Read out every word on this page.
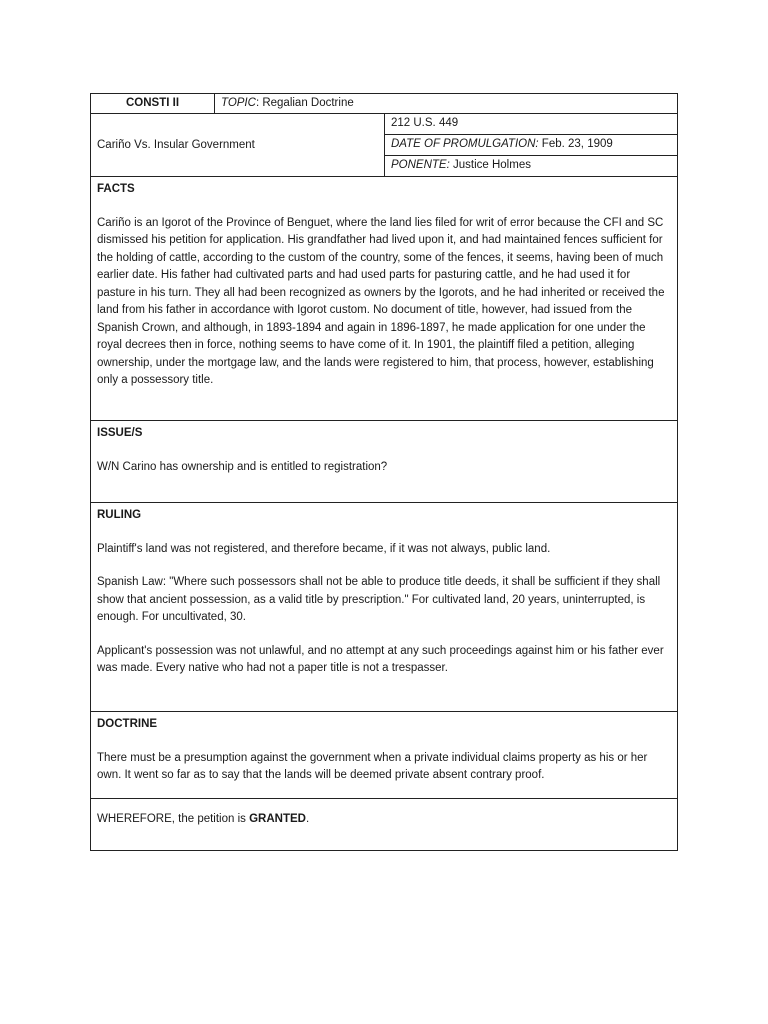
CONSTI II	TOPIC: Regalian Doctrine	
Cariño Vs. Insular Government		212 U.S. 449
		DATE OF PROMULGATION: Feb. 23, 1909
		PONENTE: Justice Holmes

FACTS

Cariño is an Igorot of the Province of Benguet, where the land lies filed for writ of error because the CFI and SC dismissed his petition for application. His grandfather had lived upon it, and had maintained fences sufficient for the holding of cattle, according to the custom of the country, some of the fences, it seems, having been of much earlier date. His father had cultivated parts and had used parts for pasturing cattle, and he had used it for pasture in his turn. They all had been recognized as owners by the Igorots, and he had inherited or received the land from his father in accordance with Igorot custom. No document of title, however, had issued from the Spanish Crown, and although, in 1893-1894 and again in 1896-1897, he made application for one under the royal decrees then in force, nothing seems to have come of it. In 1901, the plaintiff filed a petition, alleging ownership, under the mortgage law, and the lands were registered to him, that process, however, establishing only a possessory title.		

ISSUE/S

W/N Carino has ownership and is entitled to registration?		

RULING

Plaintiff's land was not registered, and therefore became, if it was not always, public land.

Spanish Law: "Where such possessors shall not be able to produce title deeds, it shall be sufficient if they shall show that ancient possession, as a valid title by prescription." For cultivated land, 20 years, uninterrupted, is enough. For uncultivated, 30.

Applicant's possession was not unlawful, and no attempt at any such proceedings against him or his father ever was made. Every native who had not a paper title is not a trespasser.		

DOCTRINE

There must be a presumption against the government when a private individual claims property as his or her own. It went so far as to say that the lands will be deemed private absent contrary proof.		

WHEREFORE, the petition is GRANTED.		
